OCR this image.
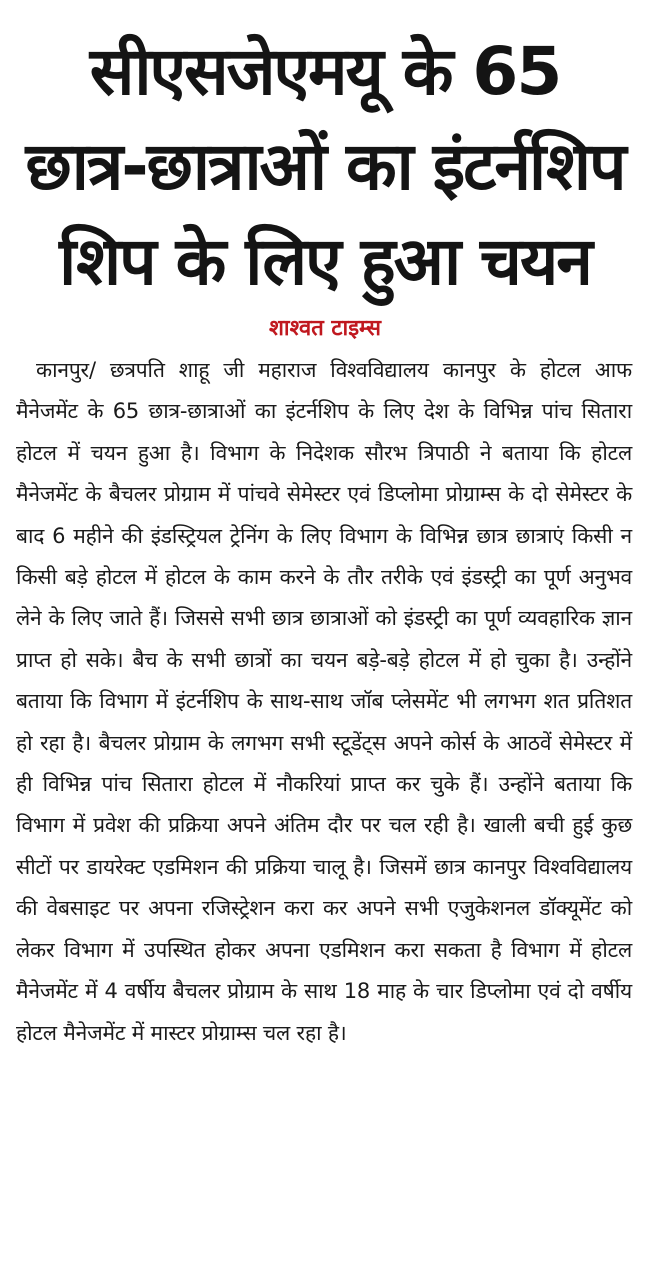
सीएसजेएमयू के 65 छात्र-छात्राओं का इंटर्नशिप शिप के लिए हुआ चयन
शाश्वत टाइम्स

कानपुर/ छत्रपति शाहू जी महाराज विश्वविद्यालय कानपुर के होटल आफ मैनेजमेंट के 65 छात्र-छात्राओं का इंटर्नशिप के लिए देश के विभिन्न पांच सितारा होटल में चयन हुआ है। विभाग के निदेशक सौरभ त्रिपाठी ने बताया कि होटल मैनेजमेंट के बैचलर प्रोग्राम में पांचवे सेमेस्टर एवं डिप्लोमा प्रोग्राम्स के दो सेमेस्टर के बाद 6 महीने की इंडस्ट्रियल ट्रेनिंग के लिए विभाग के विभिन्न छात्र छात्राएं किसी न किसी बड़े होटल में होटल के काम करने के तौर तरीके एवं इंडस्ट्री का पूर्ण अनुभव लेने के लिए जाते हैं। जिससे सभी छात्र छात्राओं को इंडस्ट्री का पूर्ण व्यवहारिक ज्ञान प्राप्त हो सके। बैच के सभी छात्रों का चयन बड़े-बड़े होटल में हो चुका है। उन्होंने बताया कि विभाग में इंटर्नशिप के साथ-साथ जॉब प्लेसमेंट भी लगभग शत प्रतिशत हो रहा है। बैचलर प्रोग्राम के लगभग सभी स्टूडेंट्स अपने कोर्स के आठवें सेमेस्टर में ही विभिन्न पांच सितारा होटल में नौकरियां प्राप्त कर चुके हैं। उन्होंने बताया कि विभाग में प्रवेश की प्रक्रिया अपने अंतिम दौर पर चल रही है। खाली बची हुई कुछ सीटों पर डायरेक्ट एडमिशन की प्रक्रिया चालू है। जिसमें छात्र कानपुर विश्वविद्यालय की वेबसाइट पर अपना रजिस्ट्रेशन करा कर अपने सभी एजुकेशनल डॉक्यूमेंट को लेकर विभाग में उपस्थित होकर अपना एडमिशन करा सकता है विभाग में होटल मैनेजमेंट में 4 वर्षीय बैचलर प्रोग्राम के साथ 18 माह के चार डिप्लोमा एवं दो वर्षीय होटल मैनेजमेंट में मास्टर प्रोग्राम्स चल रहा है।
